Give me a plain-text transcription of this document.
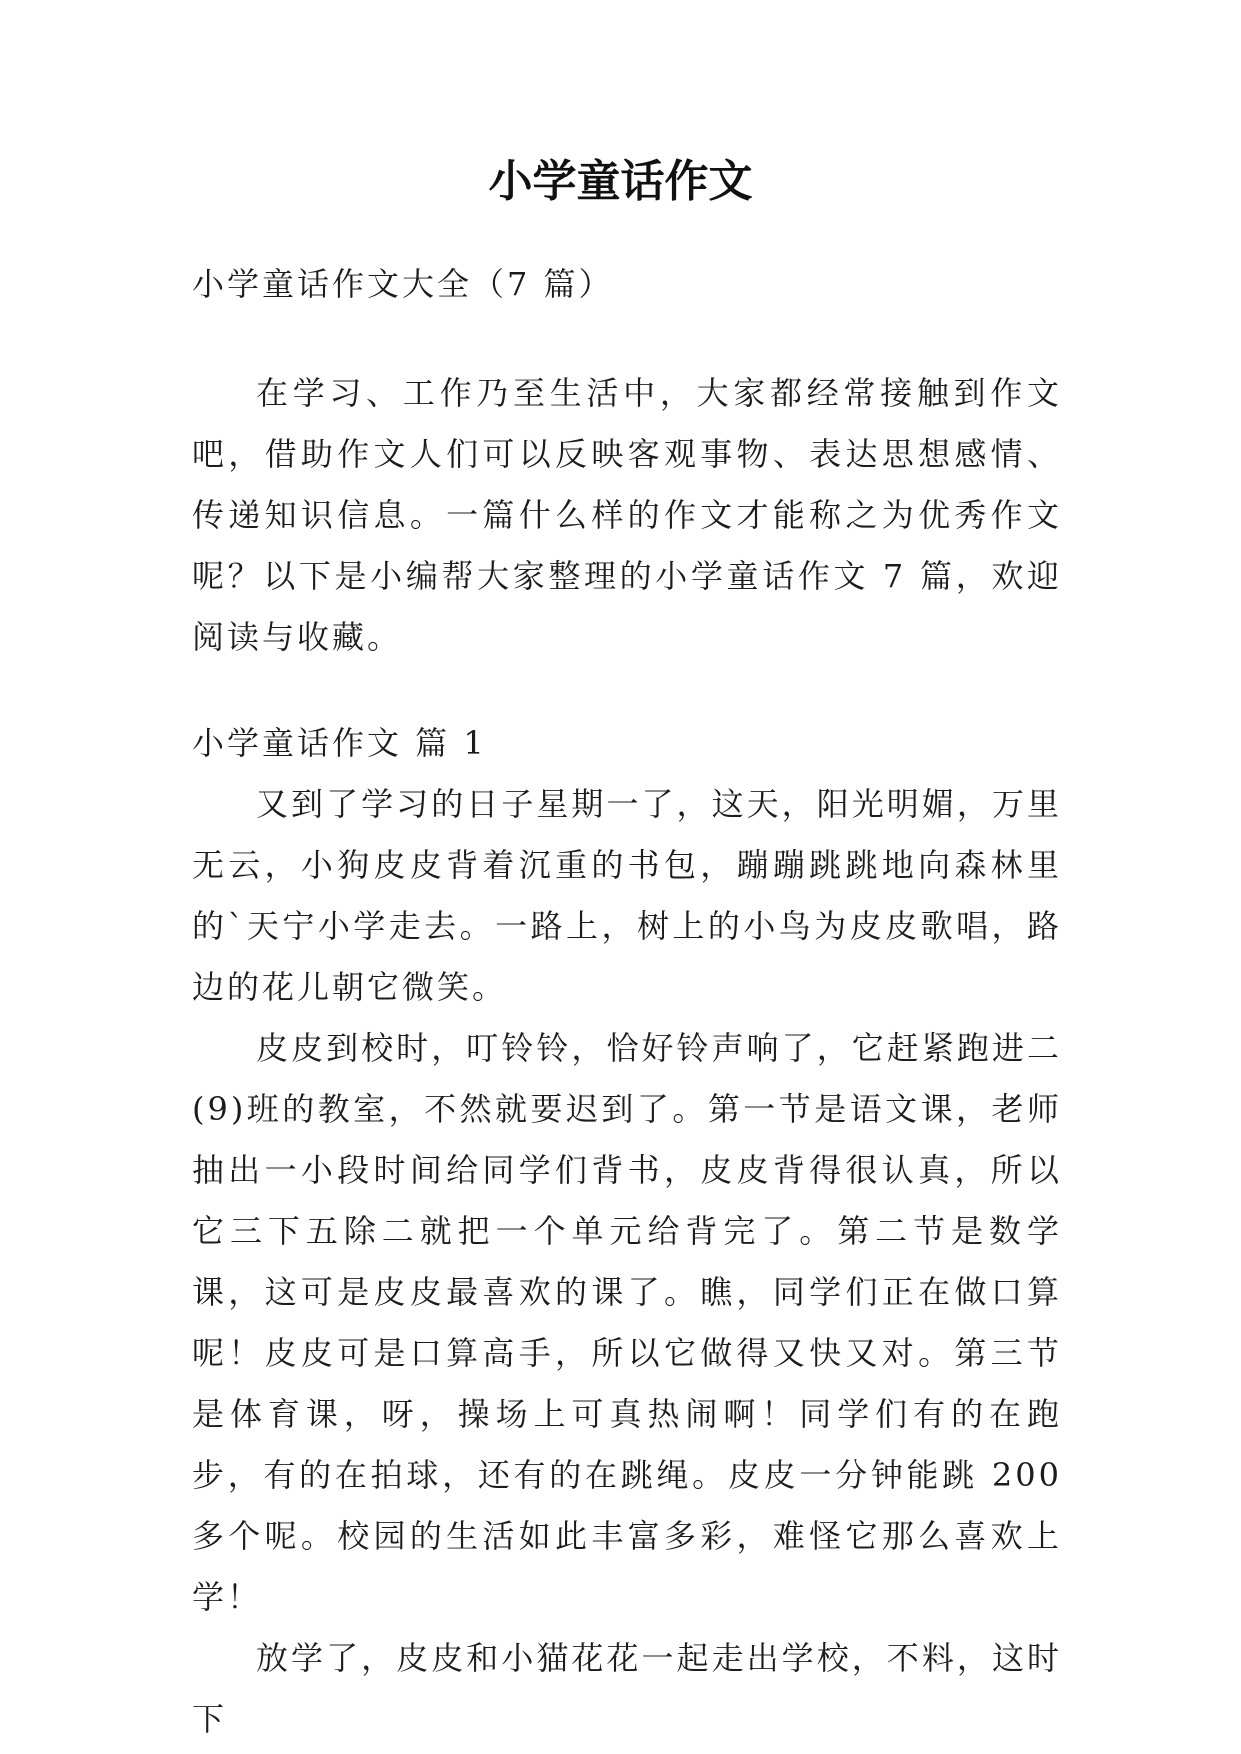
小学童话作文

小学童话作文大全（7 篇）

在学习、工作乃至生活中，大家都经常接触到作文吧，借助作文人们可以反映客观事物、表达思想感情、传递知识信息。一篇什么样的作文才能称之为优秀作文呢？以下是小编帮大家整理的小学童话作文 7 篇，欢迎阅读与收藏。

小学童话作文 篇 1

又到了学习的日子星期一了，这天，阳光明媚，万里无云，小狗皮皮背着沉重的书包，蹦蹦跳跳地向森林里的`天宁小学走去。一路上，树上的小鸟为皮皮歌唱，路边的花儿朝它微笑。

皮皮到校时，叮铃铃，恰好铃声响了，它赶紧跑进二(9)班的教室，不然就要迟到了。第一节是语文课，老师抽出一小段时间给同学们背书，皮皮背得很认真，所以它三下五除二就把一个单元给背完了。第二节是数学课，这可是皮皮最喜欢的课了。瞧，同学们正在做口算呢！皮皮可是口算高手，所以它做得又快又对。第三节是体育课，呀，操场上可真热闹啊！同学们有的在跑步，有的在拍球，还有的在跳绳。皮皮一分钟能跳 200 多个呢。校园的生活如此丰富多彩，难怪它那么喜欢上学！

放学了，皮皮和小猫花花一起走出学校，不料，这时下
